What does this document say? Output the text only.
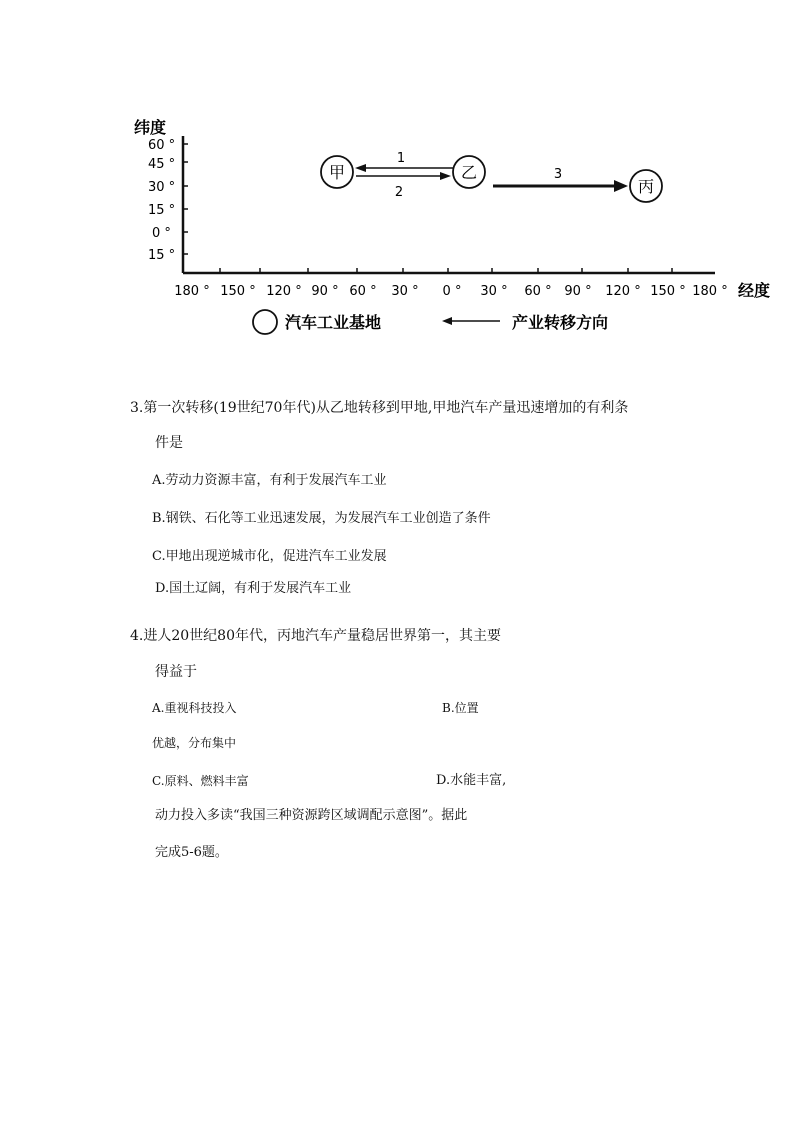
纬度
60 °
45 °
30 °
15 °
0 °
15 °
180 ° 150 ° 120 ° 90 ° 60 ° 30 ° 0 ° 30 ° 60 ° 90 ° 120 ° 150 ° 180 ° 经度
甲	乙
丙
1
2
3
汽车工业基地	产业转移方向
3.第一次转移(19世纪70年代)从乙地转移到甲地,甲地汽车产量迅速增加的有利条
件是
A.劳动力资源丰富，有利于发展汽车工业
B.钢铁、石化等工业迅速发展，为发展汽车工业创造了条件
C.甲地出现逆城市化，促进汽车工业发展
D.国土辽阔，有利于发展汽车工业
4.进人20世纪80年代，丙地汽车产量稳居世界第一，其主要
得益于
A.重视科技投入	B.位置
优越，分布集中
C.原料、燃料丰富	D.水能丰富,
动力投入多读“我国三种资源跨区域调配示意图”。据此
完成5-6题。
